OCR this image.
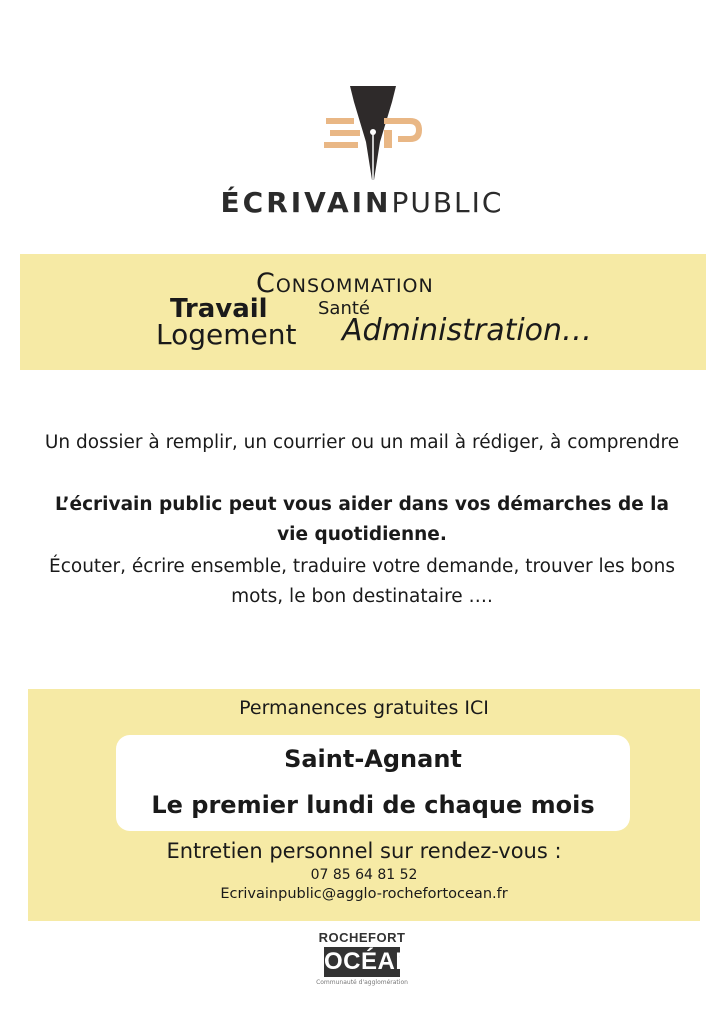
ÉCRIVAINPUBLIC
Consommation
Travail	Santé
Logement Administration…
Un dossier à remplir, un courrier ou un mail à rédiger, à comprendre
L’écrivain public peut vous aider dans vos démarches de la vie quotidienne.
Écouter, écrire ensemble, traduire votre demande, trouver les bons mots, le bon destinataire ….
Permanences gratuites ICI
Saint-Agnant
Le premier lundi de chaque mois
Entretien personnel sur rendez-vous :
07 85 64 81 52
Ecrivainpublic@agglo-rochefortocean.fr
ROCHEFORT
OCÉAN
Communauté d'agglomération
